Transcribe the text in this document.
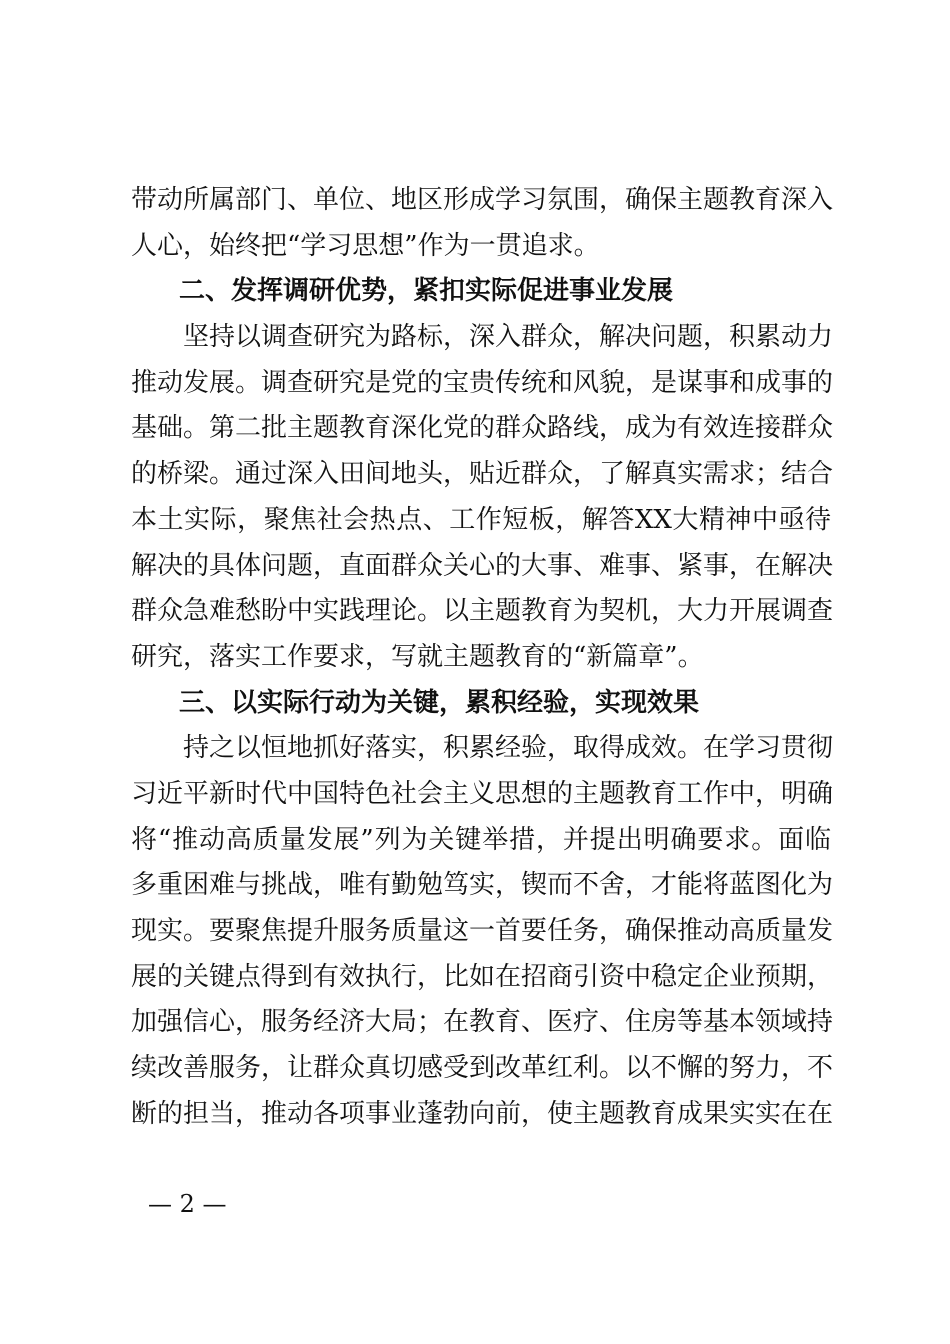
带动所属部门、单位、地区形成学习氛围，确保主题教育深入
人心，始终把“学习思想”作为一贯追求。
二、发挥调研优势，紧扣实际促进事业发展
坚持以调查研究为路标，深入群众，解决问题，积累动力
推动发展。调查研究是党的宝贵传统和风貌，是谋事和成事的
基础。第二批主题教育深化党的群众路线，成为有效连接群众
的桥梁。通过深入田间地头，贴近群众，了解真实需求；结合
本土实际，聚焦社会热点、工作短板，解答XX大精神中亟待
解决的具体问题，直面群众关心的大事、难事、紧事，在解决
群众急难愁盼中实践理论。以主题教育为契机，大力开展调查
研究，落实工作要求，写就主题教育的“新篇章”。
三、以实际行动为关键，累积经验，实现效果
持之以恒地抓好落实，积累经验，取得成效。在学习贯彻
习近平新时代中国特色社会主义思想的主题教育工作中，明确
将“推动高质量发展”列为关键举措，并提出明确要求。面临
多重困难与挑战，唯有勤勉笃实，锲而不舍，才能将蓝图化为
现实。要聚焦提升服务质量这一首要任务，确保推动高质量发
展的关键点得到有效执行，比如在招商引资中稳定企业预期，
加强信心，服务经济大局；在教育、医疗、住房等基本领域持
续改善服务，让群众真切感受到改革红利。以不懈的努力，不
断的担当，推动各项事业蓬勃向前，使主题教育成果实实在在
— 2 —
